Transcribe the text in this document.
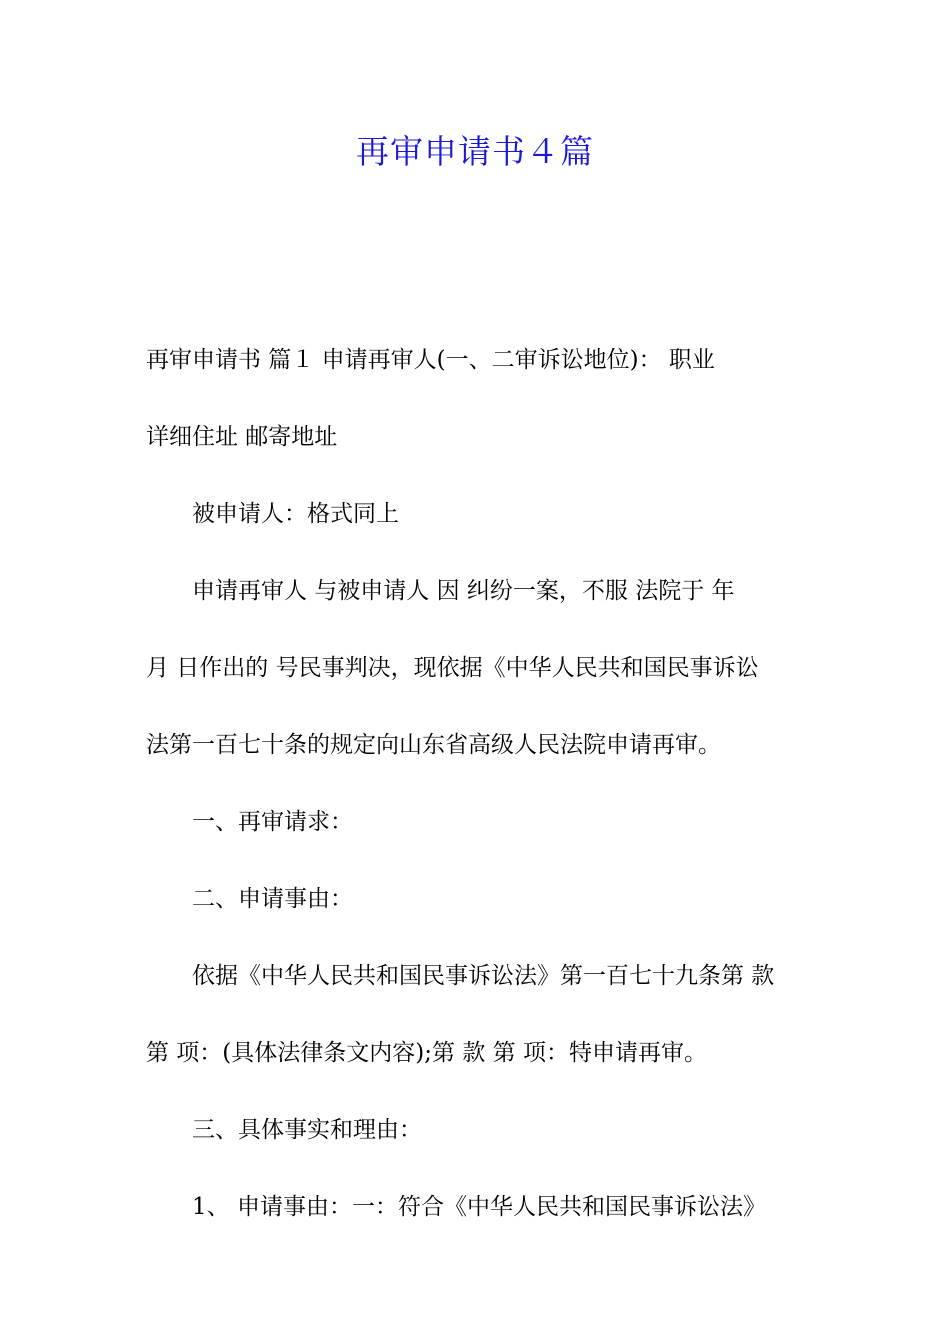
再审申请书４篇
再审申请书 篇１ 申请再审人(一、二审诉讼地位)： 职业
详细住址 邮寄地址
被申请人：格式同上
申请再审人 与被申请人 因 纠纷一案，不服 法院于 年
月 日作出的 号民事判决，现依据《中华人民共和国民事诉讼
法第一百七十条的规定向山东省高级人民法院申请再审。
一、再审请求：
二、申请事由：
依据《中华人民共和国民事诉讼法》第一百七十九条第 款
第 项：(具体法律条文内容);第 款 第 项：特申请再审。
三、具体事实和理由：
1、 申请事由：一：符合《中华人民共和国民事诉讼法》
